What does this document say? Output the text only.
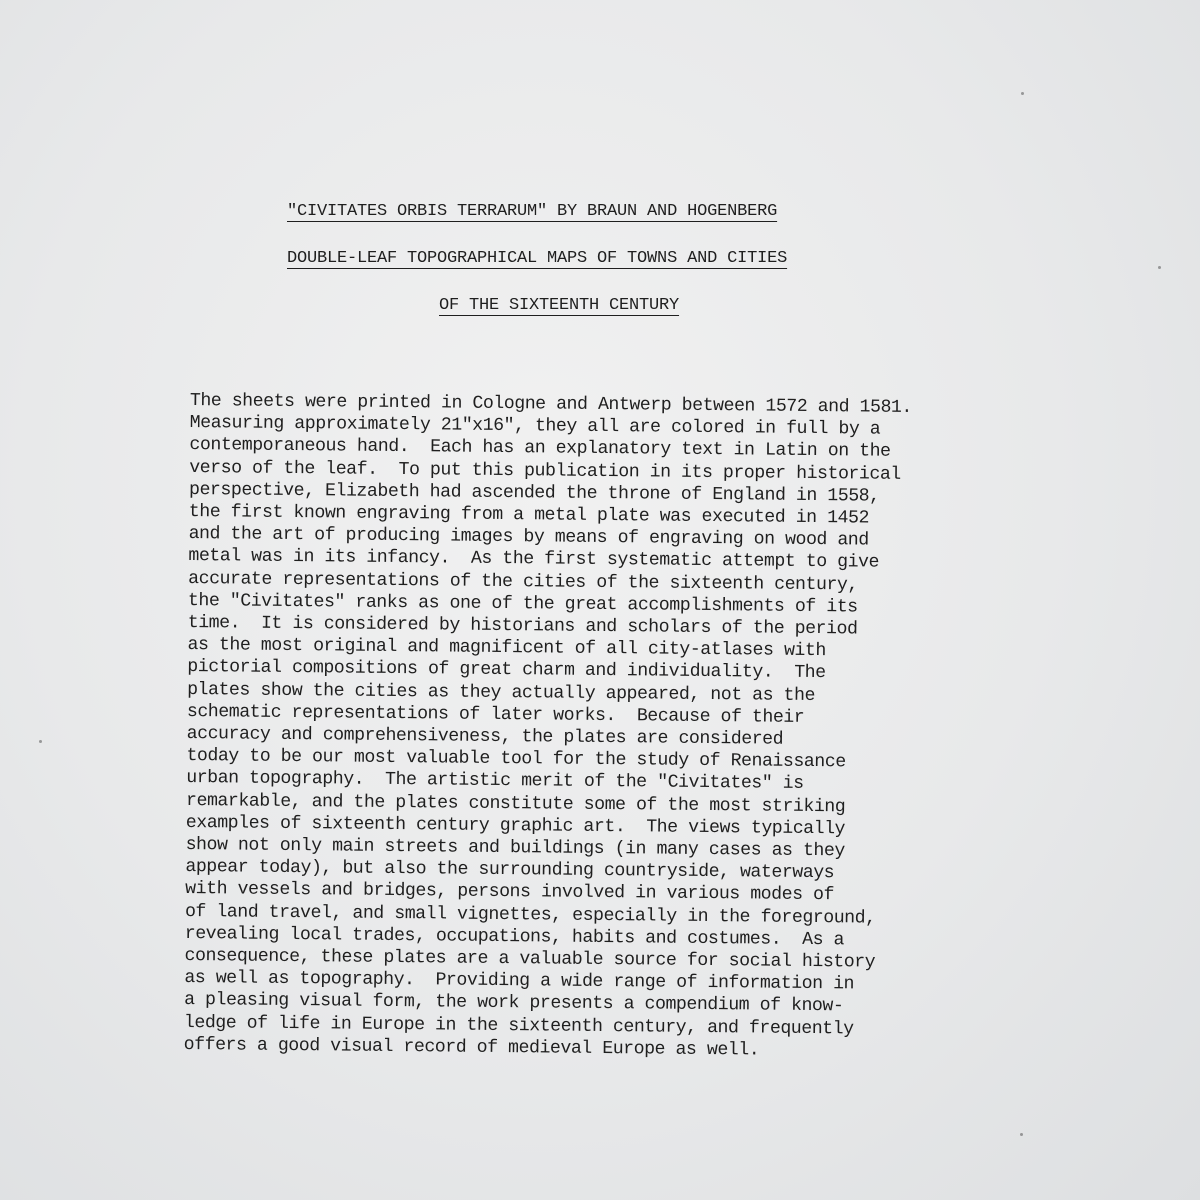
"CIVITATES ORBIS TERRARUM" BY BRAUN AND HOGENBERG
DOUBLE-LEAF TOPOGRAPHICAL MAPS OF TOWNS AND CITIES
OF THE SIXTEENTH CENTURY
The sheets were printed in Cologne and Antwerp between 1572 and 1581.
Measuring approximately 21"x16", they all are colored in full by a
contemporaneous hand.  Each has an explanatory text in Latin on the
verso of the leaf.  To put this publication in its proper historical
perspective, Elizabeth had ascended the throne of England in 1558,
the first known engraving from a metal plate was executed in 1452
and the art of producing images by means of engraving on wood and
metal was in its infancy.  As the first systematic attempt to give
accurate representations of the cities of the sixteenth century,
the "Civitates" ranks as one of the great accomplishments of its
time.  It is considered by historians and scholars of the period
as the most original and magnificent of all city-atlases with
pictorial compositions of great charm and individuality.  The
plates show the cities as they actually appeared, not as the
schematic representations of later works.  Because of their
accuracy and comprehensiveness, the plates are considered
today to be our most valuable tool for the study of Renaissance
urban topography.  The artistic merit of the "Civitates" is
remarkable, and the plates constitute some of the most striking
examples of sixteenth century graphic art.  The views typically
show not only main streets and buildings (in many cases as they
appear today), but also the surrounding countryside, waterways
with vessels and bridges, persons involved in various modes of
of land travel, and small vignettes, especially in the foreground,
revealing local trades, occupations, habits and costumes.  As a
consequence, these plates are a valuable source for social history
as well as topography.  Providing a wide range of information in
a pleasing visual form, the work presents a compendium of know-
ledge of life in Europe in the sixteenth century, and frequently
offers a good visual record of medieval Europe as well.
